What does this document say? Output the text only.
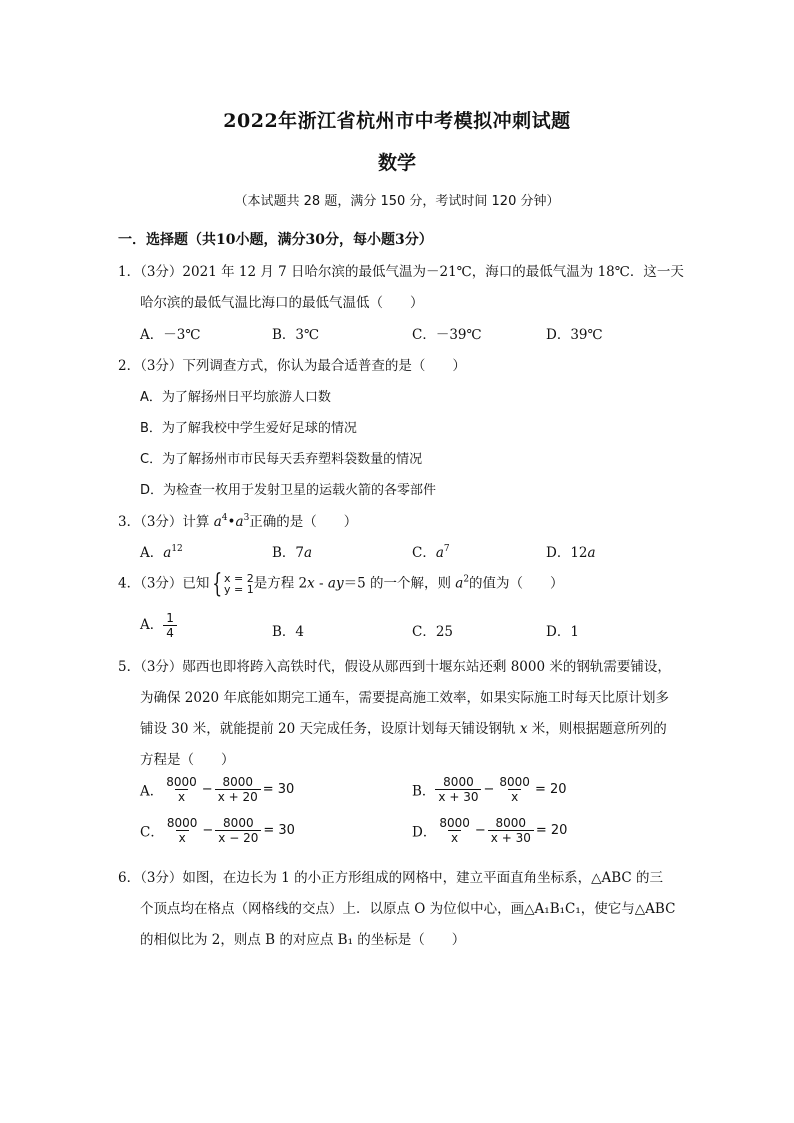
2022年浙江省杭州市中考模拟冲刺试题
数学
（本试题共 28 题，满分 150 分，考试时间 120 分钟）
一．选择题（共10小题，满分30分，每小题3分）
1．（3分）2021 年 12 月 7 日哈尔滨的最低气温为－21℃，海口的最低气温为 18℃．这一天
哈尔滨的最低气温比海口的最低气温低（　　）
A．－3℃	B．3℃	C．－39℃	D．39℃
2．（3分）下列调查方式，你认为最合适普查的是（　　）
A．为了解扬州日平均旅游人口数
B．为了解我校中学生爱好足球的情况
C．为了解扬州市市民每天丢弃塑料袋数量的情况
D．为检查一枚用于发射卫星的运载火箭的各零部件
3．（3分）计算 $a^4•a^3$正确的是（　　）
A．$a^{12}$	B．7a	C．$a^7$	D．12a
4．（3分）已知 { x = 2
y = 1 是方程 2x - ay＝5 的一个解，则 $a^2$的值为（　　）
A． $\frac{1}{4}$	B．4	C．25	D．1
5．（3分）郧西也即将跨入高铁时代，假设从郧西到十堰东站还剩 8000 米的钢轨需要铺设，
为确保 2020 年底能如期完工通车，需要提高施工效率，如果实际施工时每天比原计划多
铺设 30 米，就能提前 20 天完成任务，设原计划每天铺设钢轨 x 米，则根据题意所列的
方程是（　　）
A． $\frac{8000}{x} - \frac{8000}{x + 20} = 30$	B． $\frac{8000}{x + 30} - \frac{8000}{x} = 20$
C． $\frac{8000}{x} - \frac{8000}{x - 20} = 30$	D． $\frac{8000}{x} - \frac{8000}{x + 30} = 20$
6．（3分）如图，在边长为 1 的小正方形组成的网格中，建立平面直角坐标系，△ABC 的三
个顶点均在格点（网格线的交点）上．以原点 O 为位似中心，画△A₁B₁C₁，使它与△ABC
的相似比为 2，则点 B 的对应点 B₁ 的坐标是（　　）
